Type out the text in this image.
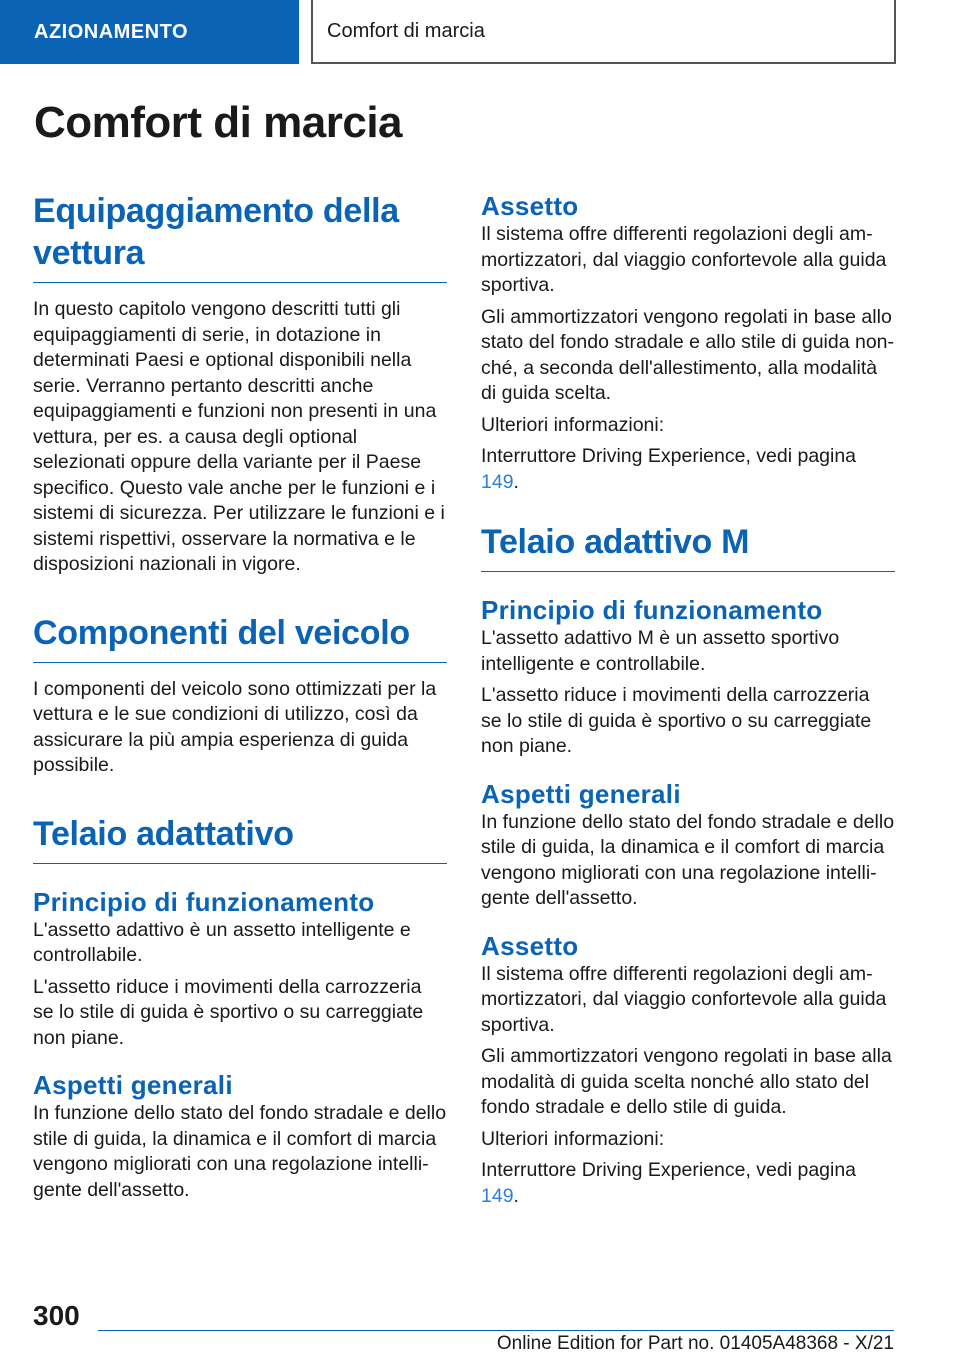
AZIONAMENTO	Comfort di marcia
Comfort di marcia
Equipaggiamento della vettura

In questo capitolo vengono descritti tutti gli equipaggiamenti di serie, in dotazione in determinati Paesi e optional disponibili nella serie. Verranno pertanto descritti anche equipaggiamenti e funzioni non presenti in una vettura, per es. a causa degli optional selezionati oppure della variante per il Paese specifico. Questo vale anche per le funzioni e i sistemi di sicurezza. Per utilizzare le funzioni e i sistemi rispettivi, osservare la normativa e le disposizioni nazionali in vigore.

Componenti del veicolo

I componenti del veicolo sono ottimizzati per la vettura e le sue condizioni di utilizzo, così da assicurare la più ampia esperienza di guida possibile.

Telaio adattativo
Principio di funzionamento

L'assetto adattivo è un assetto intelligente e controllabile.

L'assetto riduce i movimenti della carrozzeria se lo stile di guida è sportivo o su carreggiate non piane.

Aspetti generali

In funzione dello stato del fondo stradale e dello stile di guida, la dinamica e il comfort di marcia vengono migliorati con una regolazione intelligente dell'assetto.

Assetto

Il sistema offre differenti regolazioni degli ammortizzatori, dal viaggio confortevole alla guida sportiva.

Gli ammortizzatori vengono regolati in base allo stato del fondo stradale e allo stile di guida nonché, a seconda dell'allestimento, alla modalità di guida scelta.

Ulteriori informazioni:

Interruttore Driving Experience, vedi pagina 149.

Telaio adattivo M
Principio di funzionamento

L'assetto adattivo M è un assetto sportivo intelligente e controllabile.

L'assetto riduce i movimenti della carrozzeria se lo stile di guida è sportivo o su carreggiate non piane.

Aspetti generali

In funzione dello stato del fondo stradale e dello stile di guida, la dinamica e il comfort di marcia vengono migliorati con una regolazione intelligente dell'assetto.

Assetto

Il sistema offre differenti regolazioni degli ammortizzatori, dal viaggio confortevole alla guida sportiva.

Gli ammortizzatori vengono regolati in base alla modalità di guida scelta nonché allo stato del fondo stradale e dello stile di guida.

Ulteriori informazioni:

Interruttore Driving Experience, vedi pagina 149.

300
Online Edition for Part no. 01405A48368 - X/21
